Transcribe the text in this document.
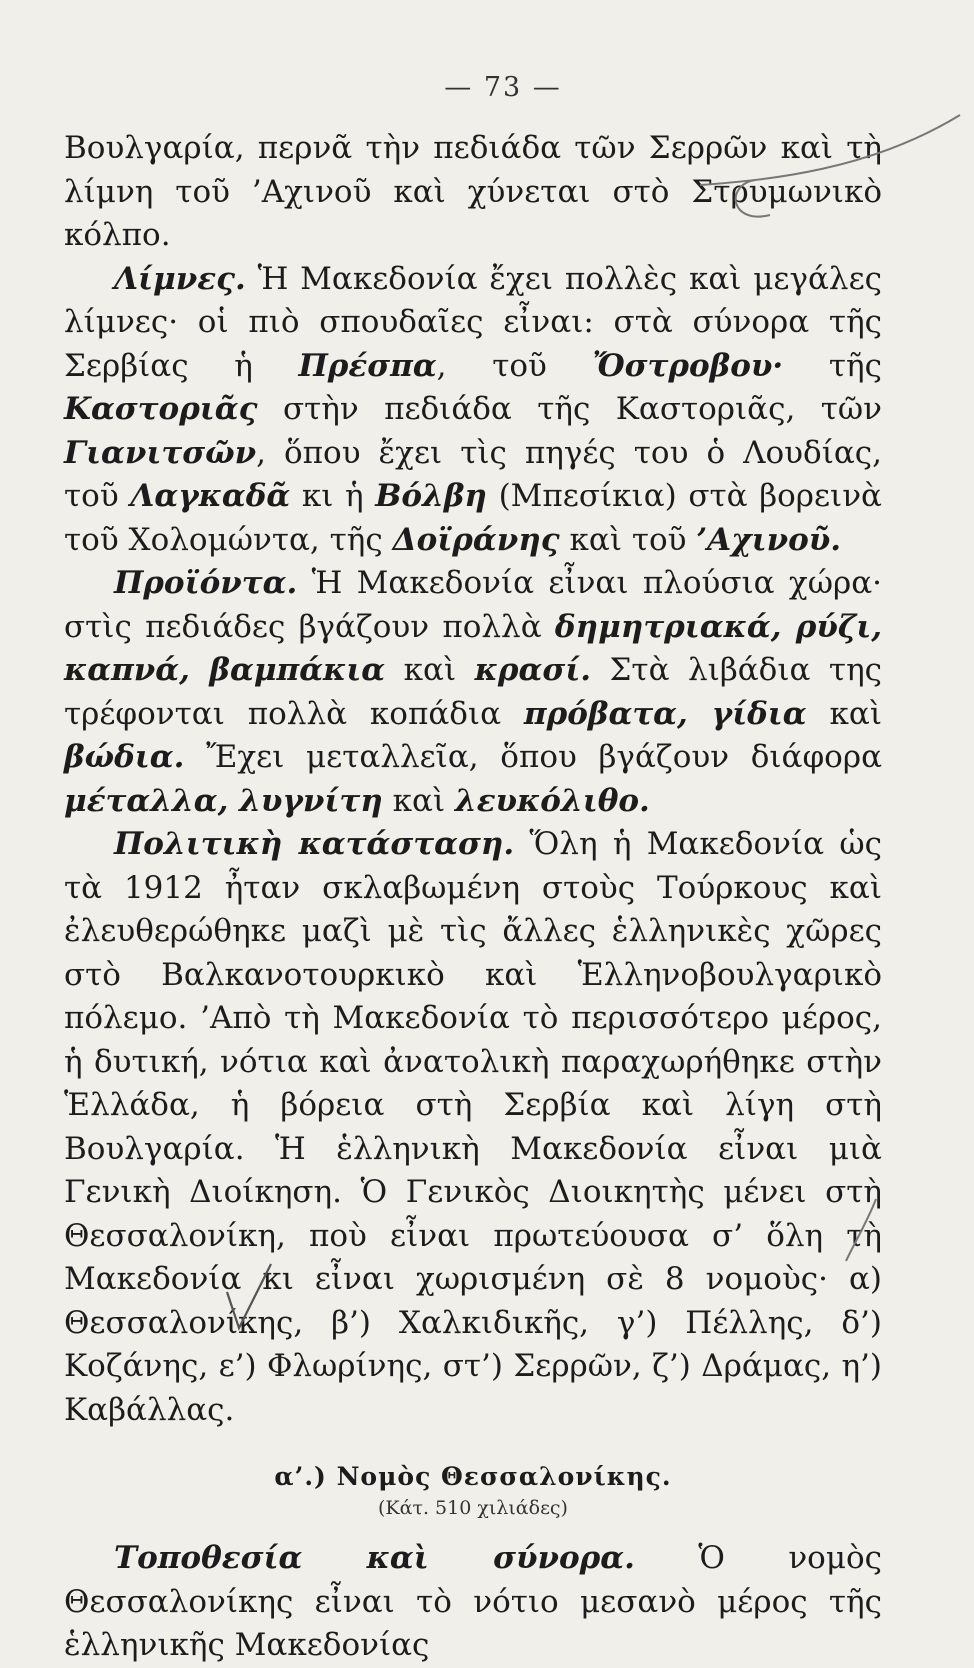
— 73 —

Βουλγαρία, περνᾶ τὴν πεδιάδα τῶν Σερρῶν καὶ τὴ λίμνη τοῦ ’Αχινοῦ καὶ χύνεται στὸ Στρυμωνικὸ κόλπο.

Λίμνες. Ἡ Μακεδονία ἔχει πολλὲς καὶ μεγάλες λίμνες· οἱ πιὸ σπουδαῖες εἶναι: στὰ σύνορα τῆς Σερβίας ἡ Πρέσπα, τοῦ Ὄστροβου· τῆς Καστοριᾶς στὴν πεδιάδα τῆς Καστοριᾶς, τῶν Γιανιτσῶν, ὅπου ἔχει τὶς πηγές του ὁ Λουδίας, τοῦ Λαγκαδᾶ κι ἡ Βόλβη (Μπεσίκια) στὰ βορεινὰ τοῦ Χολομώντα, τῆς Δοϊράνης καὶ τοῦ ’Αχινοῦ.

Προϊόντα. Ἡ Μακεδονία εἶναι πλούσια χώρα· στὶς πεδιάδες βγάζουν πολλὰ δημητριακά, ρύζι, καπνά, βαμπάκια καὶ κρασί. Στὰ λιβάδια της τρέφονται πολλὰ κοπάδια πρόβατα, γίδια καὶ βώδια. Ἔχει μεταλλεῖα, ὅπου βγάζουν διάφορα μέταλλα, λυγνίτη καὶ λευκόλιθο.

Πολιτικὴ κατάσταση. Ὅλη ἡ Μακεδονία ὡς τὰ 1912 ἦταν σκλαβωμένη στοὺς Τούρκους καὶ ἐλευθερώθηκε μαζὶ μὲ τὶς ἄλλες ἑλληνικὲς χῶρες στὸ Βαλκανοτουρκικὸ καὶ Ἑλληνοβουλγαρικὸ πόλεμο. ’Απὸ τὴ Μακεδονία τὸ περισσότερο μέρος, ἡ δυτική, νότια καὶ ἀνατολικὴ παραχωρήθηκε στὴν Ἑλλάδα, ἡ βόρεια στὴ Σερβία καὶ λίγη στὴ Βουλγαρία. Ἡ ἑλληνικὴ Μακεδονία εἶναι μιὰ Γενικὴ Διοίκηση. Ὁ Γενικὸς Διοικητὴς μένει στὴ Θεσσαλονίκη, ποὺ εἶναι πρωτεύουσα σ’ ὅλη τὴ Μακεδονία κι εἶναι χωρισμένη σὲ 8 νομοὺς· α) Θεσσαλονίκης, β’) Χαλκιδικῆς, γ’) Πέλλης, δ’) Κοζάνης, ε’) Φλωρίνης, στ’) Σερρῶν, ζ’) Δράμας, η’) Καβάλλας.

α’.) Νομὸς Θεσσαλονίκης.
(Κάτ. 510 χιλιάδες)

Τοποθεσία καὶ σύνορα. Ὁ νομὸς Θεσσαλονίκης εἶναι τὸ νότιο μεσανὸ μέρος τῆς ἑλληνικῆς Μακεδονίας
